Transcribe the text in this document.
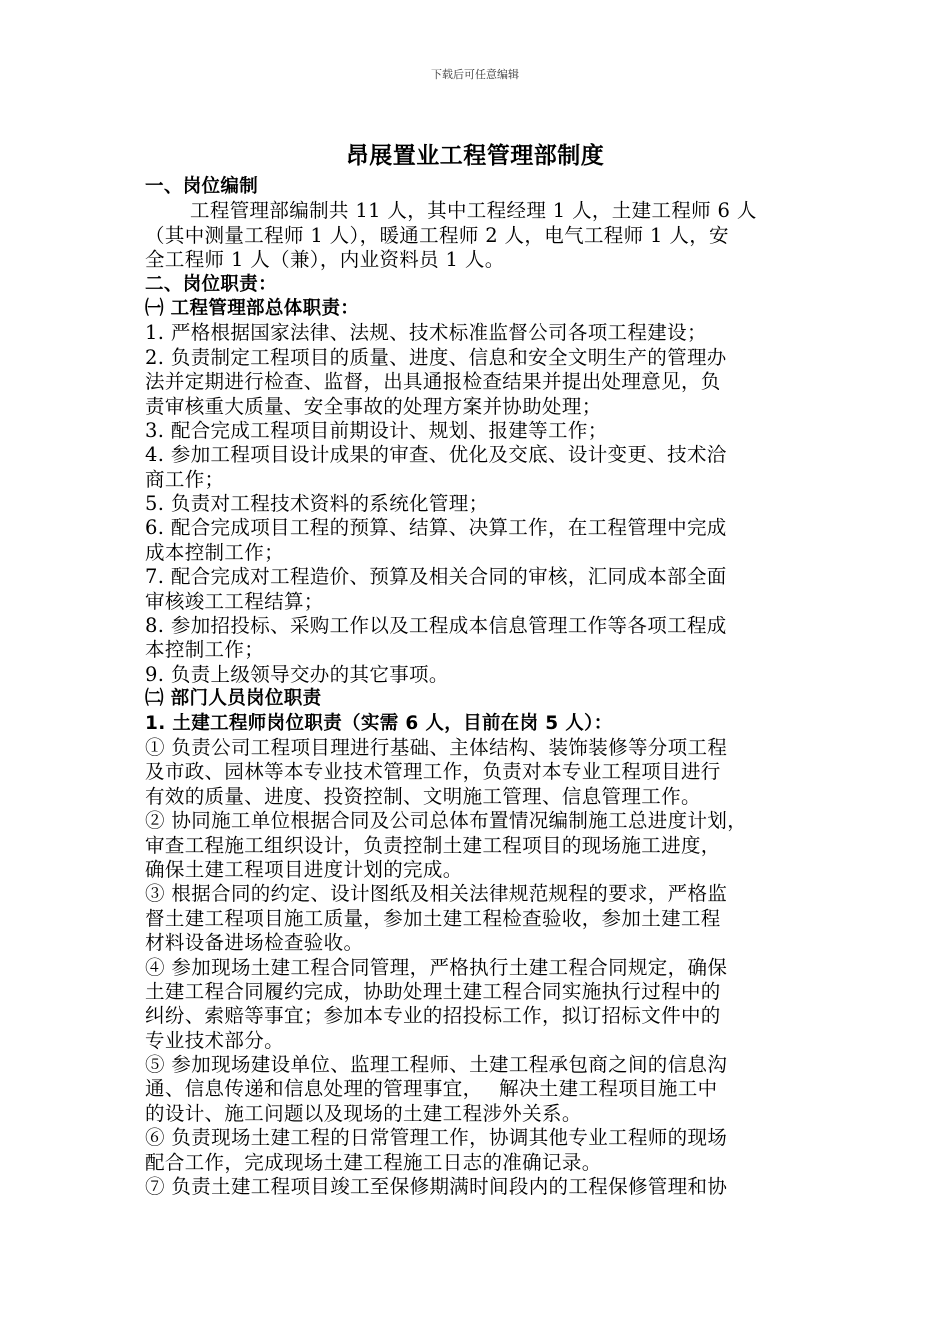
下载后可任意编辑
昂展置业工程管理部制度
一、岗位编制
工程管理部编制共 11 人，其中工程经理 1 人，土建工程师 6 人
（其中测量工程师 1 人），暖通工程师 2 人，电气工程师 1 人，安
全工程师 1 人（兼），内业资料员 1 人。
二、岗位职责：
㈠ 工程管理部总体职责：
1. 严格根据国家法律、法规、技术标准监督公司各项工程建设；
2. 负责制定工程项目的质量、进度、信息和安全文明生产的管理办
法并定期进行检查、监督，出具通报检查结果并提出处理意见，负
责审核重大质量、安全事故的处理方案并协助处理；
3. 配合完成工程项目前期设计、规划、报建等工作；
4. 参加工程项目设计成果的审查、优化及交底、设计变更、技术洽
商工作；
5. 负责对工程技术资料的系统化管理；
6. 配合完成项目工程的预算、结算、决算工作，在工程管理中完成
成本控制工作；
7. 配合完成对工程造价、预算及相关合同的审核，汇同成本部全面
审核竣工工程结算；
8. 参加招投标、采购工作以及工程成本信息管理工作等各项工程成
本控制工作；
9. 负责上级领导交办的其它事项。
㈡ 部门人员岗位职责
1. 土建工程师岗位职责（实需 6 人，目前在岗 5 人）：
① 负责公司工程项目理进行基础、主体结构、装饰装修等分项工程
及市政、园林等本专业技术管理工作，负责对本专业工程项目进行
有效的质量、进度、投资控制、文明施工管理、信息管理工作。
② 协同施工单位根据合同及公司总体布置情况编制施工总进度计划，
审查工程施工组织设计，负责控制土建工程项目的现场施工进度，
确保土建工程项目进度计划的完成。
③ 根据合同的约定、设计图纸及相关法律规范规程的要求，严格监
督土建工程项目施工质量，参加土建工程检查验收，参加土建工程
材料设备进场检查验收。
④ 参加现场土建工程合同管理，严格执行土建工程合同规定，确保
土建工程合同履约完成，协助处理土建工程合同实施执行过程中的
纠纷、索赔等事宜；参加本专业的招投标工作，拟订招标文件中的
专业技术部分。
⑤ 参加现场建设单位、监理工程师、土建工程承包商之间的信息沟
通、信息传递和信息处理的管理事宜，　 解决土建工程项目施工中
的设计、施工问题以及现场的土建工程涉外关系。
⑥ 负责现场土建工程的日常管理工作，协调其他专业工程师的现场
配合工作，完成现场土建工程施工日志的准确记录。
⑦ 负责土建工程项目竣工至保修期满时间段内的工程保修管理和协
